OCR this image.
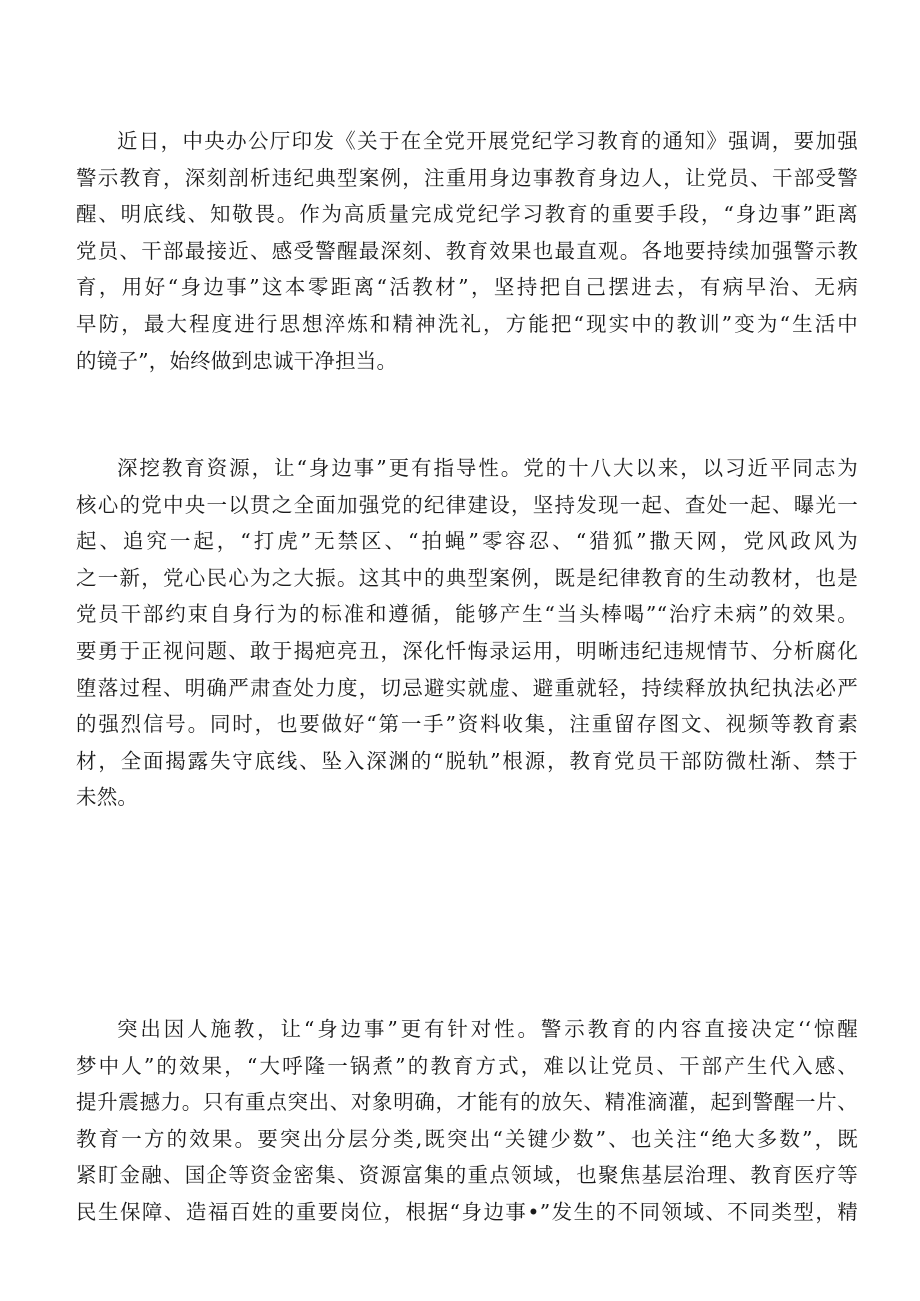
近日，中央办公厅印发《关于在全党开展党纪学习教育的通知》强调，要加强
警示教育，深刻剖析违纪典型案例，注重用身边事教育身边人，让党员、干部受警
醒、明底线、知敬畏。作为高质量完成党纪学习教育的重要手段，“身边事”距离
党员、干部最接近、感受警醒最深刻、教育效果也最直观。各地要持续加强警示教
育，用好“身边事”这本零距离“活教材”，坚持把自己摆进去，有病早治、无病
早防，最大程度进行思想淬炼和精神洗礼，方能把“现实中的教训”变为“生活中
的镜子”，始终做到忠诚干净担当。
深挖教育资源，让“身边事”更有指导性。党的十八大以来，以习近平同志为
核心的党中央一以贯之全面加强党的纪律建设，坚持发现一起、查处一起、曝光一
起、追究一起，“打虎”无禁区、“拍蝇”零容忍、“猎狐”撒天网，党风政风为
之一新，党心民心为之大振。这其中的典型案例，既是纪律教育的生动教材，也是
党员干部约束自身行为的标准和遵循，能够产生“当头棒喝”“治疗未病”的效果。
要勇于正视问题、敢于揭疤亮丑，深化忏悔录运用，明晰违纪违规情节、分析腐化
堕落过程、明确严肃查处力度，切忌避实就虚、避重就轻，持续释放执纪执法必严
的强烈信号。同时，也要做好“第一手”资料收集，注重留存图文、视频等教育素
材，全面揭露失守底线、坠入深渊的“脱轨”根源，教育党员干部防微杜渐、禁于
未然。
突出因人施教，让“身边事”更有针对性。警示教育的内容直接决定‘‘惊醒
梦中人”的效果，“大呼隆一锅煮”的教育方式，难以让党员、干部产生代入感、
提升震撼力。只有重点突出、对象明确，才能有的放矢、精准滴灌，起到警醒一片、
教育一方的效果。要突出分层分类,既突出“关键少数”、也关注“绝大多数”，既
紧盯金融、国企等资金密集、资源富集的重点领域，也聚焦基层治理、教育医疗等
民生保障、造福百姓的重要岗位，根据“身边事•”发生的不同领域、不同类型，精
